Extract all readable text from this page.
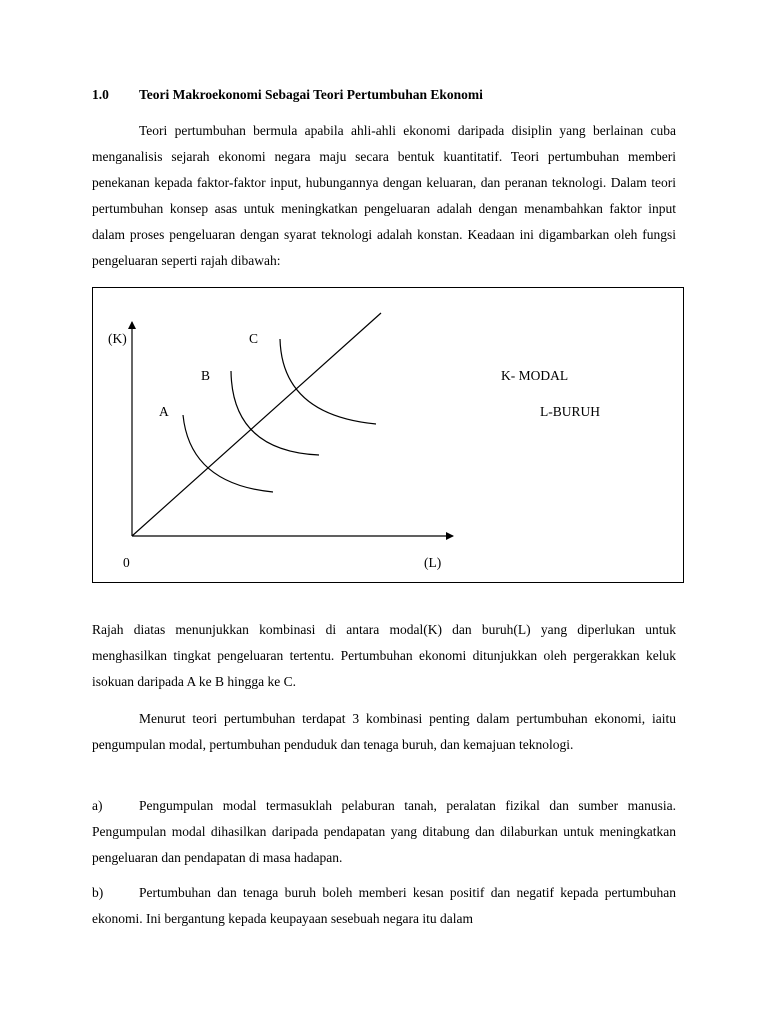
1.0 Teori Makroekonomi Sebagai Teori Pertumbuhan Ekonomi

Teori pertumbuhan bermula apabila ahli-ahli ekonomi daripada disiplin yang berlainan cuba menganalisis sejarah ekonomi negara maju secara bentuk kuantitatif. Teori pertumbuhan memberi penekanan kepada faktor-faktor input, hubungannya dengan keluaran, dan peranan teknologi. Dalam teori pertumbuhan konsep asas untuk meningkatkan pengeluaran adalah dengan menambahkan faktor input dalam proses pengeluaran dengan syarat teknologi adalah konstan. Keadaan ini digambarkan oleh fungsi pengeluaran seperti rajah dibawah:

(K)	C
B
A
K- MODAL
L-BURUH
0	(L)

Rajah diatas menunjukkan kombinasi di antara modal(K) dan buruh(L) yang diperlukan untuk menghasilkan tingkat pengeluaran tertentu. Pertumbuhan ekonomi ditunjukkan oleh pergerakkan keluk isokuan daripada A ke B hingga ke C.

Menurut teori pertumbuhan terdapat 3 kombinasi penting dalam pertumbuhan ekonomi, iaitu pengumpulan modal, pertumbuhan penduduk dan tenaga buruh, dan kemajuan teknologi.

a)	Pengumpulan modal termasuklah pelaburan tanah, peralatan fizikal dan sumber manusia. Pengumpulan modal dihasilkan daripada pendapatan yang ditabung dan dilaburkan untuk meningkatkan pengeluaran dan pendapatan di masa hadapan.

b)	Pertumbuhan dan tenaga buruh boleh memberi kesan positif dan negatif kepada pertumbuhan ekonomi. Ini bergantung kepada keupayaan sesebuah negara itu dalam
